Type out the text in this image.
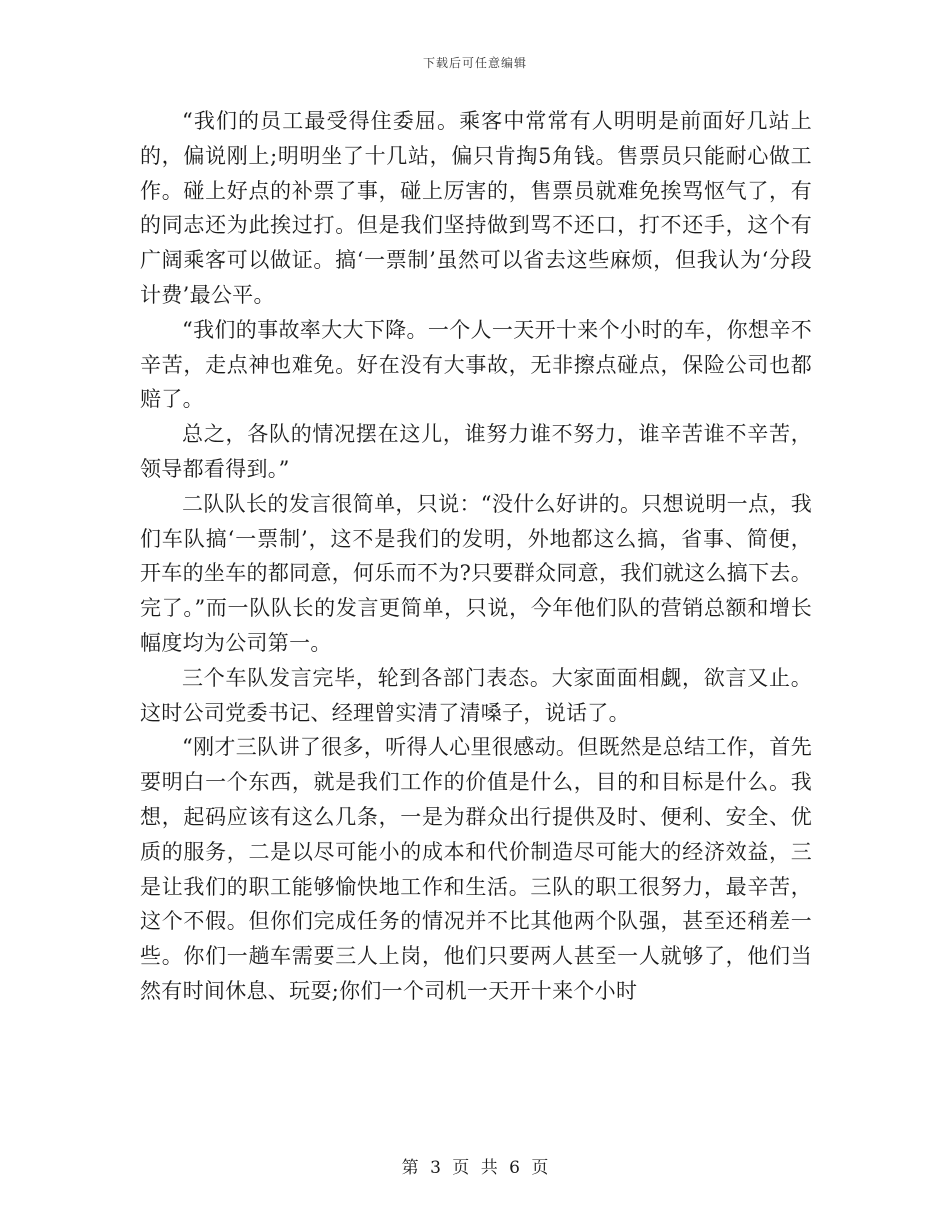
下载后可任意编辑

“我们的员工最受得住委屈。乘客中常常有人明明是前面好几站上的，偏说刚上;明明坐了十几站，偏只肯掏5角钱。售票员只能耐心做工作。碰上好点的补票了事，碰上厉害的，售票员就难免挨骂怄气了，有的同志还为此挨过打。但是我们坚持做到骂不还口，打不还手，这个有广阔乘客可以做证。搞‘一票制’虽然可以省去这些麻烦，但我认为‘分段计费’最公平。

“我们的事故率大大下降。一个人一天开十来个小时的车，你想辛不辛苦，走点神也难免。好在没有大事故，无非擦点碰点，保险公司也都赔了。

总之，各队的情况摆在这儿，谁努力谁不努力，谁辛苦谁不辛苦，领导都看得到。”

二队队长的发言很简单，只说：“没什么好讲的。只想说明一点，我们车队搞‘一票制’，这不是我们的发明，外地都这么搞，省事、简便，开车的坐车的都同意，何乐而不为?只要群众同意，我们就这么搞下去。完了。”而一队队长的发言更简单，只说，今年他们队的营销总额和增长幅度均为公司第一。

三个车队发言完毕，轮到各部门表态。大家面面相觑，欲言又止。这时公司党委书记、经理曾实清了清嗓子，说话了。

“刚才三队讲了很多，听得人心里很感动。但既然是总结工作，首先要明白一个东西，就是我们工作的价值是什么，目的和目标是什么。我想，起码应该有这么几条，一是为群众出行提供及时、便利、安全、优质的服务，二是以尽可能小的成本和代价制造尽可能大的经济效益，三是让我们的职工能够愉快地工作和生活。三队的职工很努力，最辛苦，这个不假。但你们完成任务的情况并不比其他两个队强，甚至还稍差一些。你们一趟车需要三人上岗，他们只要两人甚至一人就够了，他们当然有时间休息、玩耍;你们一个司机一天开十来个小时

第 3 页 共 6 页
